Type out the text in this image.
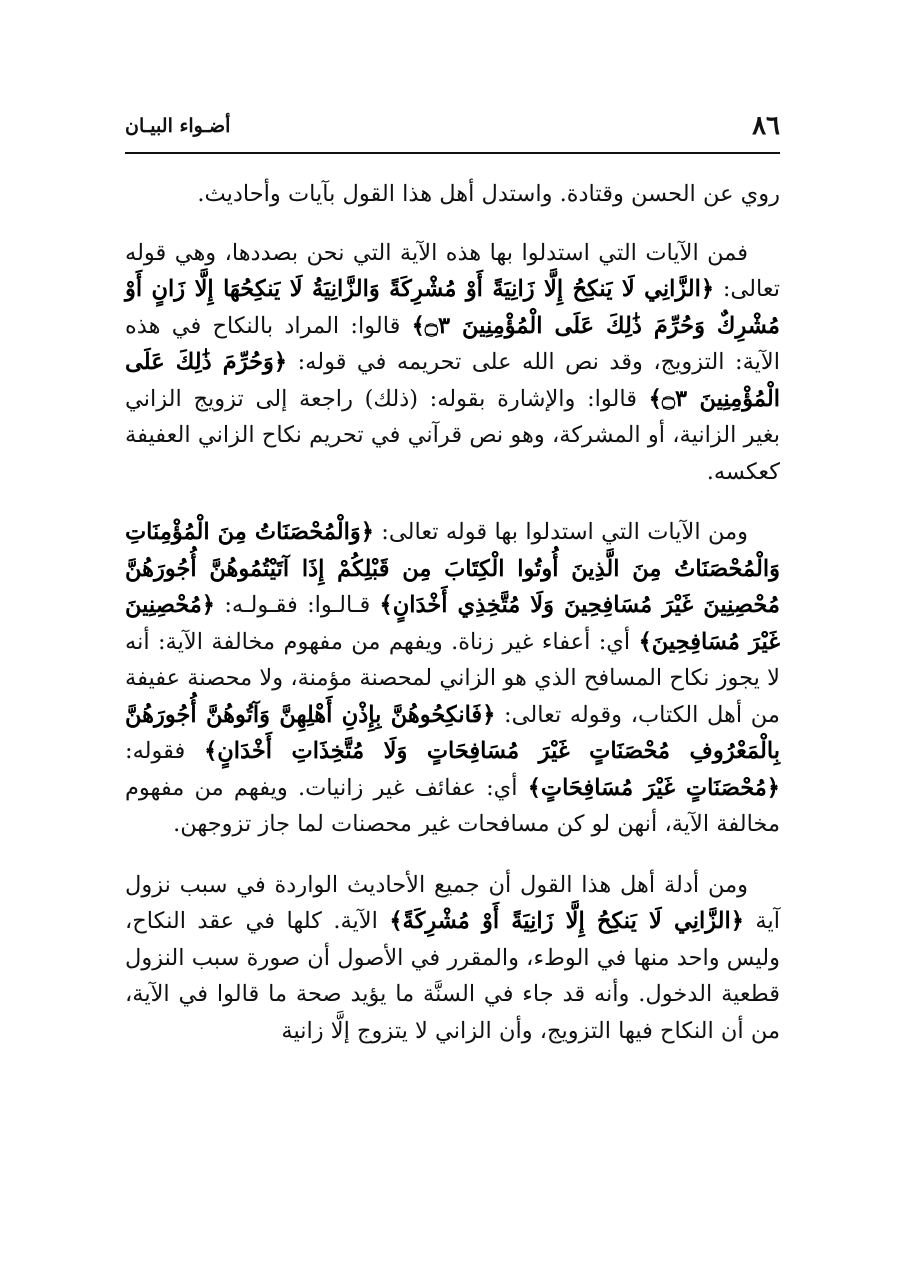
٨٦
أضـواء البيـان

روي عن الحسن وقتادة. واستدل أهل هذا القول بآيات وأحاديث.

فمن الآيات التي استدلوا بها هذه الآية التي نحن بصددها، وهي قوله تعالى: ﴿الزَّانِي لَا يَنكِحُ إِلَّا زَانِيَةً أَوْ مُشْرِكَةً وَالزَّانِيَةُ لَا يَنكِحُهَا إِلَّا زَانٍ أَوْ مُشْرِكٌ وَحُرِّمَ ذَٰلِكَ عَلَى الْمُؤْمِنِينَ ۝٣﴾ قالوا: المراد بالنكاح في هذه الآية: التزويج، وقد نص الله على تحريمه في قوله: ﴿وَحُرِّمَ ذَٰلِكَ عَلَى الْمُؤْمِنِينَ ۝٣﴾ قالوا: والإشارة بقوله: (ذلك) راجعة إلى تزويج الزاني بغير الزانية، أو المشركة، وهو نص قرآني في تحريم نكاح الزاني العفيفة كعكسه.

ومن الآيات التي استدلوا بها قوله تعالى: ﴿وَالْمُحْصَنَاتُ مِنَ الْمُؤْمِنَاتِ وَالْمُحْصَنَاتُ مِنَ الَّذِينَ أُوتُوا الْكِتَابَ مِن قَبْلِكُمْ إِذَا آتَيْتُمُوهُنَّ أُجُورَهُنَّ مُحْصِنِينَ غَيْرَ مُسَافِحِينَ وَلَا مُتَّخِذِي أَخْدَانٍ﴾ قـالـوا: فقـولـه: ﴿مُحْصِنِينَ غَيْرَ مُسَافِحِينَ﴾ أي: أعفاء غير زناة. ويفهم من مفهوم مخالفة الآية: أنه لا يجوز نكاح المسافح الذي هو الزاني لمحصنة مؤمنة، ولا محصنة عفيفة من أهل الكتاب، وقوله تعالى: ﴿فَانكِحُوهُنَّ بِإِذْنِ أَهْلِهِنَّ وَآتُوهُنَّ أُجُورَهُنَّ بِالْمَعْرُوفِ مُحْصَنَاتٍ غَيْرَ مُسَافِحَاتٍ وَلَا مُتَّخِذَاتِ أَخْدَانٍ﴾ فقوله: ﴿مُحْصَنَاتٍ غَيْرَ مُسَافِحَاتٍ﴾ أي: عفائف غير زانيات. ويفهم من مفهوم مخالفة الآية، أنهن لو كن مسافحات غير محصنات لما جاز تزوجهن.

ومن أدلة أهل هذا القول أن جميع الأحاديث الواردة في سبب نزول آية ﴿الزَّانِي لَا يَنكِحُ إِلَّا زَانِيَةً أَوْ مُشْرِكَةً﴾ الآية. كلها في عقد النكاح، وليس واحد منها في الوطء، والمقرر في الأصول أن صورة سبب النزول قطعية الدخول. وأنه قد جاء في السنَّة ما يؤيد صحة ما قالوا في الآية، من أن النكاح فيها التزويج، وأن الزاني لا يتزوج إلَّا زانية
